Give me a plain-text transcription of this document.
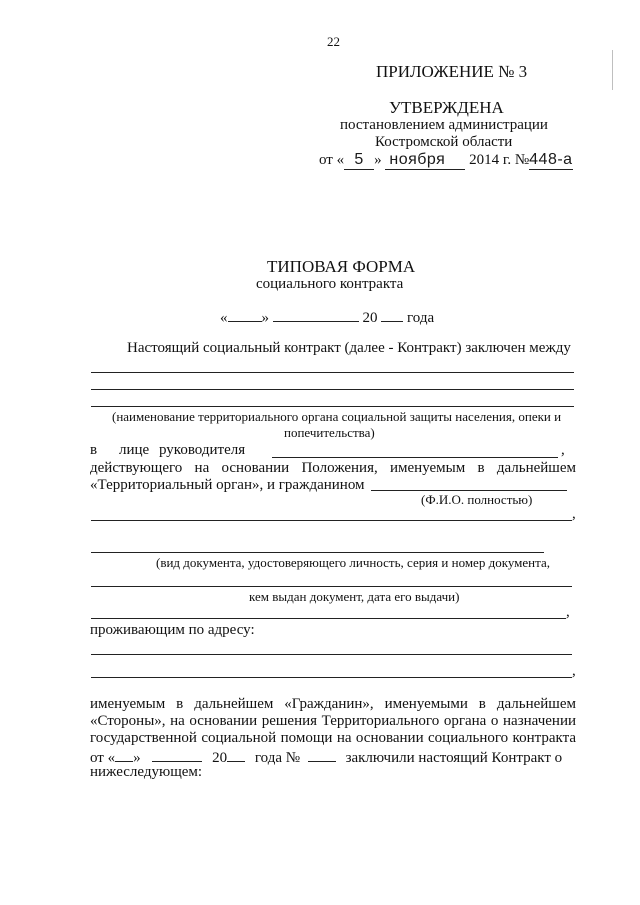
22
ПРИЛОЖЕНИЕ № 3
УТВЕРЖДЕНА
постановлением администрации
Костромской области
от « 5 » ноября 2014 г. №448-а
ТИПОВАЯ ФОРМА
социального контракта
« »	20 года
Настоящий социальный контракт (далее - Контракт) заключен между
(наименование территориального органа социальной защиты населения, опеки и
попечительства)
в лице руководителя	,
действующего на основании Положения, именуемым в дальнейшем
«Территориальный орган», и гражданином
(Ф.И.О. полностью)
,
(вид документа, удостоверяющего личность, серия и номер документа,
кем выдан документ, дата его выдачи)
,
проживающим по адресу:
,
именуемым в дальнейшем «Гражданин», именуемыми в дальнейшем
«Стороны», на основании решения Территориального органа о назначении
государственной социальной помощи на основании социального контракта
от « »	20 года №	заключили настоящий Контракт о
нижеследующем:
